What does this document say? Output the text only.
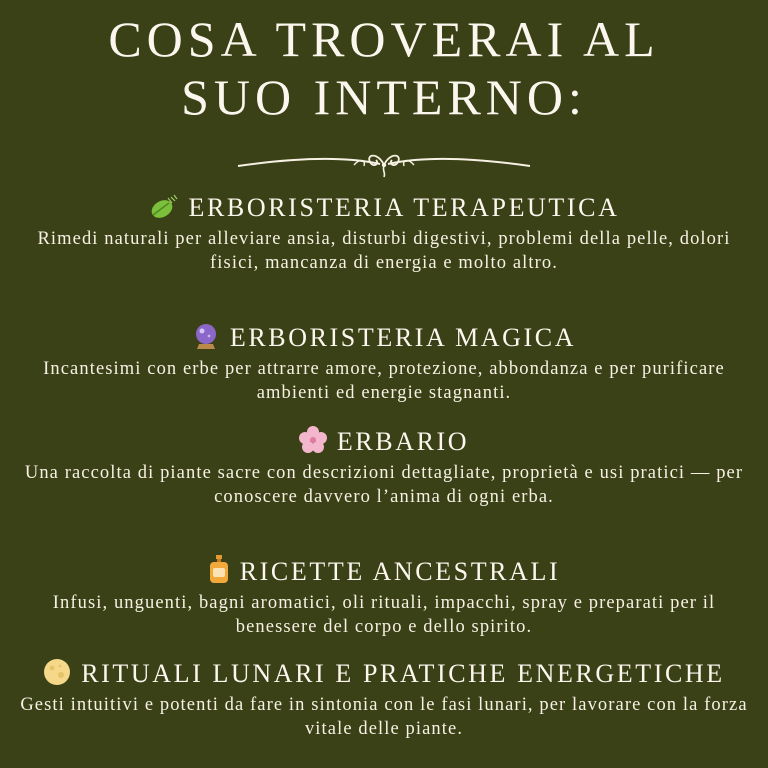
COSA TROVERAI AL
SUO INTERNO:
ERBORISTERIA TERAPEUTICA

Rimedi naturali per alleviare ansia, disturbi digestivi, problemi della pelle, dolori fisici, mancanza di energia e molto altro.

ERBORISTERIA MAGICA

Incantesimi con erbe per attrarre amore, protezione, abbondanza e per purificare ambienti ed energie stagnanti.

ERBARIO

Una raccolta di piante sacre con descrizioni dettagliate, proprietà e usi pratici — per conoscere davvero l’anima di ogni erba.

RICETTE ANCESTRALI

Infusi, unguenti, bagni aromatici, oli rituali, impacchi, spray e preparati per il benessere del corpo e dello spirito.

RITUALI LUNARI E PRATICHE ENERGETICHE

Gesti intuitivi e potenti da fare in sintonia con le fasi lunari, per lavorare con la forza vitale delle piante.
